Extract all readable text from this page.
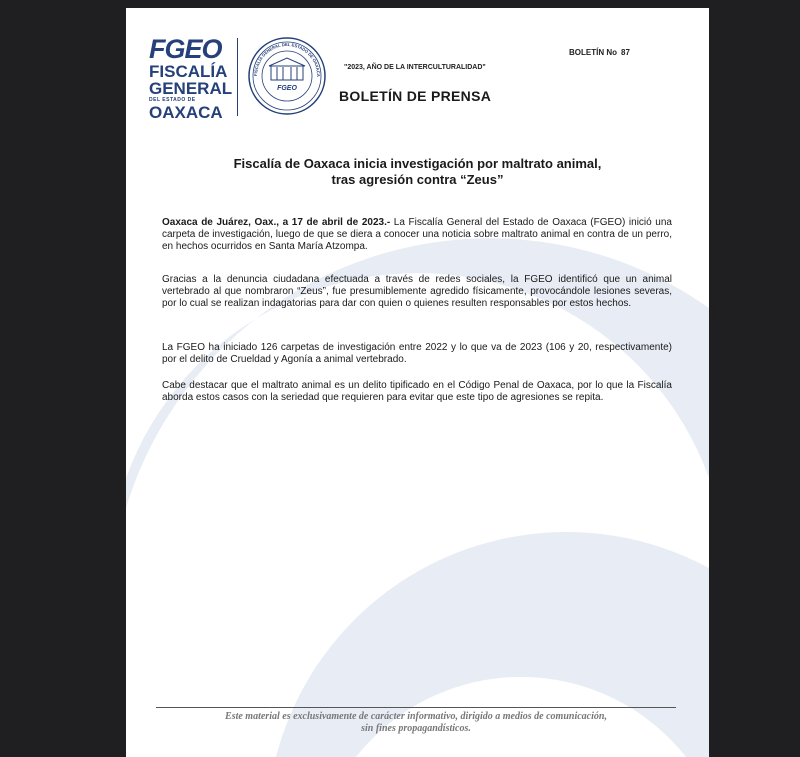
FGEO
FISCALÍA
GENERAL
DEL ESTADO DE
OAXACA
FISCALÍA GENERAL DEL ESTADO DE OAXACA
FGEO
"2023, AÑO DE LA INTERCULTURALIDAD"
BOLETÍN No 87
BOLETÍN DE PRENSA
Fiscalía de Oaxaca inicia investigación por maltrato animal,
tras agresión contra “Zeus”
Oaxaca de Juárez, Oax., a 17 de abril de 2023.- La Fiscalía General del Estado de Oaxaca (FGEO) inició una carpeta de investigación, luego de que se diera a conocer una noticia sobre maltrato animal en contra de un perro, en hechos ocurridos en Santa María Atzompa.
Gracias a la denuncia ciudadana efectuada a través de redes sociales, la FGEO identificó que un animal vertebrado al que nombraron “Zeus”, fue presumiblemente agredido físicamente, provocándole lesiones severas, por lo cual se realizan indagatorias para dar con quien o quienes resulten responsables por estos hechos.
La FGEO ha iniciado 126 carpetas de investigación entre 2022 y lo que va de 2023 (106 y 20, respectivamente) por el delito de Crueldad y Agonía a animal vertebrado.
Cabe destacar que el maltrato animal es un delito tipificado en el Código Penal de Oaxaca, por lo que la Fiscalía aborda estos casos con la seriedad que requieren para evitar que este tipo de agresiones se repita.
Este material es exclusivamente de carácter informativo, dirigido a medios de comunicación,
sin fines propagandísticos.
